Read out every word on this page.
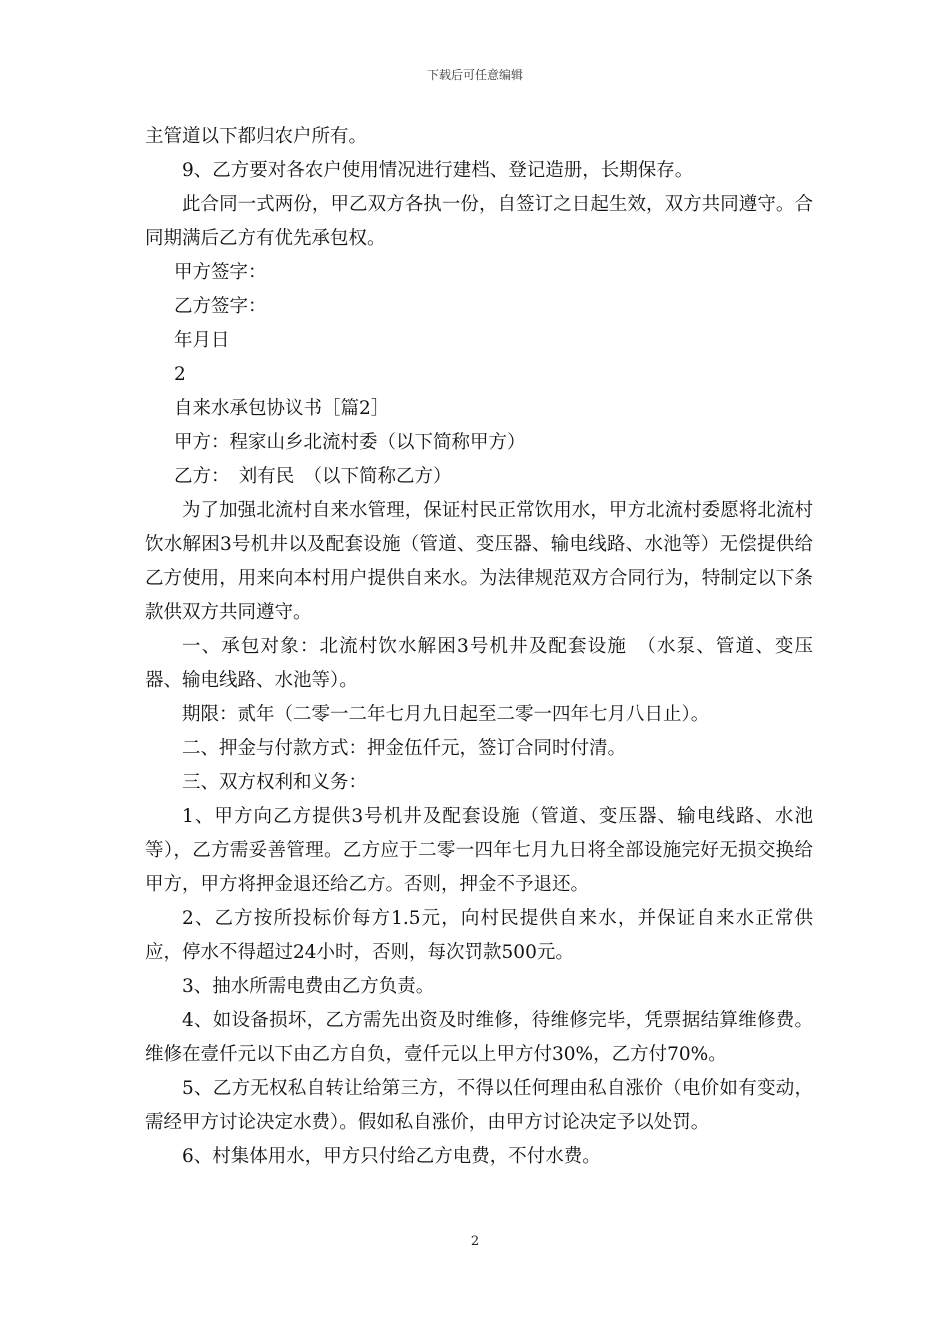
下载后可任意编辑

主管道以下都归农户所有。

9、乙方要对各农户使用情况进行建档、登记造册，长期保存。

此合同一式两份，甲乙双方各执一份，自签订之日起生效，双方共同遵守。合同期满后乙方有优先承包权。

甲方签字：

乙方签字：

年月日

2

自来水承包协议书［篇2］

甲方：程家山乡北流村委（以下简称甲方）

乙方：　刘有民　（以下简称乙方）

为了加强北流村自来水管理，保证村民正常饮用水，甲方北流村委愿将北流村饮水解困3号机井以及配套设施（管道、变压器、输电线路、水池等）无偿提供给乙方使用，用来向本村用户提供自来水。为法律规范双方合同行为，特制定以下条款供双方共同遵守。

一、承包对象：北流村饮水解困3号机井及配套设施　（水泵、管道、变压器、输电线路、水池等）。

期限：贰年（二零一二年七月九日起至二零一四年七月八日止）。

二、押金与付款方式：押金伍仟元，签订合同时付清。

三、双方权利和义务：

1、甲方向乙方提供3号机井及配套设施（管道、变压器、输电线路、水池等），乙方需妥善管理。乙方应于二零一四年七月九日将全部设施完好无损交换给甲方，甲方将押金退还给乙方。否则，押金不予退还。

2、乙方按所投标价每方1.5元，向村民提供自来水，并保证自来水正常供应，停水不得超过24小时，否则，每次罚款500元。

3、抽水所需电费由乙方负责。

4、如设备损坏，乙方需先出资及时维修，待维修完毕，凭票据结算维修费。维修在壹仟元以下由乙方自负，壹仟元以上甲方付30%，乙方付70%。

5、乙方无权私自转让给第三方，不得以任何理由私自涨价（电价如有变动，需经甲方讨论决定水费）。假如私自涨价，由甲方讨论决定予以处罚。

6、村集体用水，甲方只付给乙方电费，不付水费。

2
